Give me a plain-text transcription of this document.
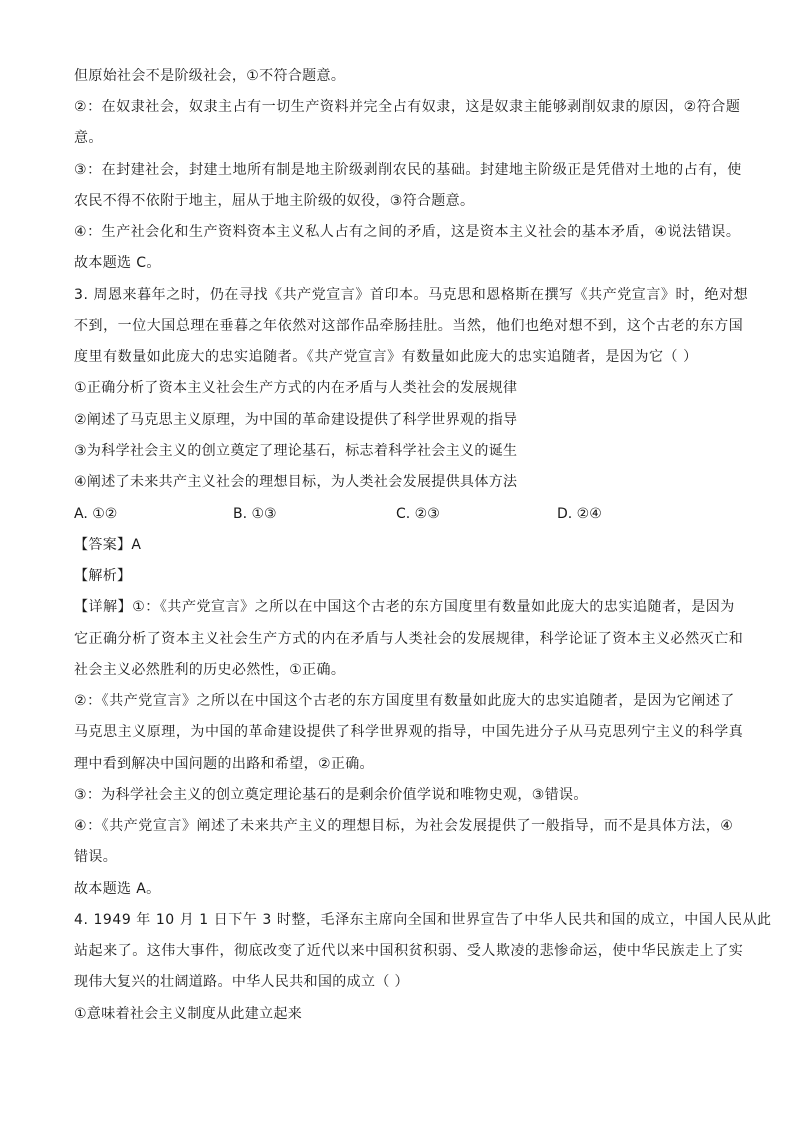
但原始社会不是阶级社会，①不符合题意。
②：在奴隶社会，奴隶主占有一切生产资料并完全占有奴隶，这是奴隶主能够剥削奴隶的原因，②符合题
意。
③：在封建社会，封建土地所有制是地主阶级剥削农民的基础。封建地主阶级正是凭借对土地的占有，使
农民不得不依附于地主，屈从于地主阶级的奴役，③符合题意。
④：生产社会化和生产资料资本主义私人占有之间的矛盾，这是资本主义社会的基本矛盾，④说法错误。
故本题选 C。
3. 周恩来暮年之时，仍在寻找《共产党宣言》首印本。马克思和恩格斯在撰写《共产党宣言》时，绝对想
不到，一位大国总理在垂暮之年依然对这部作品牵肠挂肚。当然，他们也绝对想不到，这个古老的东方国
度里有数量如此庞大的忠实追随者。《共产党宣言》有数量如此庞大的忠实追随者，是因为它（ ）
①正确分析了资本主义社会生产方式的内在矛盾与人类社会的发展规律
②阐述了马克思主义原理，为中国的革命建设提供了科学世界观的指导
③为科学社会主义的创立奠定了理论基石，标志着科学社会主义的诞生
④阐述了未来共产主义社会的理想目标，为人类社会发展提供具体方法
A. ①②	B. ①③	C. ②③	D. ②④
【答案】A
【解析】
【详解】①：《共产党宣言》之所以在中国这个古老的东方国度里有数量如此庞大的忠实追随者，是因为
它正确分析了资本主义社会生产方式的内在矛盾与人类社会的发展规律，科学论证了资本主义必然灭亡和
社会主义必然胜利的历史必然性，①正确。
②：《共产党宣言》之所以在中国这个古老的东方国度里有数量如此庞大的忠实追随者，是因为它阐述了
马克思主义原理，为中国的革命建设提供了科学世界观的指导，中国先进分子从马克思列宁主义的科学真
理中看到解决中国问题的出路和希望，②正确。
③：为科学社会主义的创立奠定理论基石的是剩余价值学说和唯物史观，③错误。
④：《共产党宣言》阐述了未来共产主义的理想目标，为社会发展提供了一般指导，而不是具体方法，④
错误。
故本题选 A。
4. 1949 年 10 月 1 日下午 3 时整，毛泽东主席向全国和世界宣告了中华人民共和国的成立，中国人民从此
站起来了。这伟大事件，彻底改变了近代以来中国积贫积弱、受人欺凌的悲惨命运，使中华民族走上了实
现伟大复兴的壮阔道路。中华人民共和国的成立（ ）
①意味着社会主义制度从此建立起来
